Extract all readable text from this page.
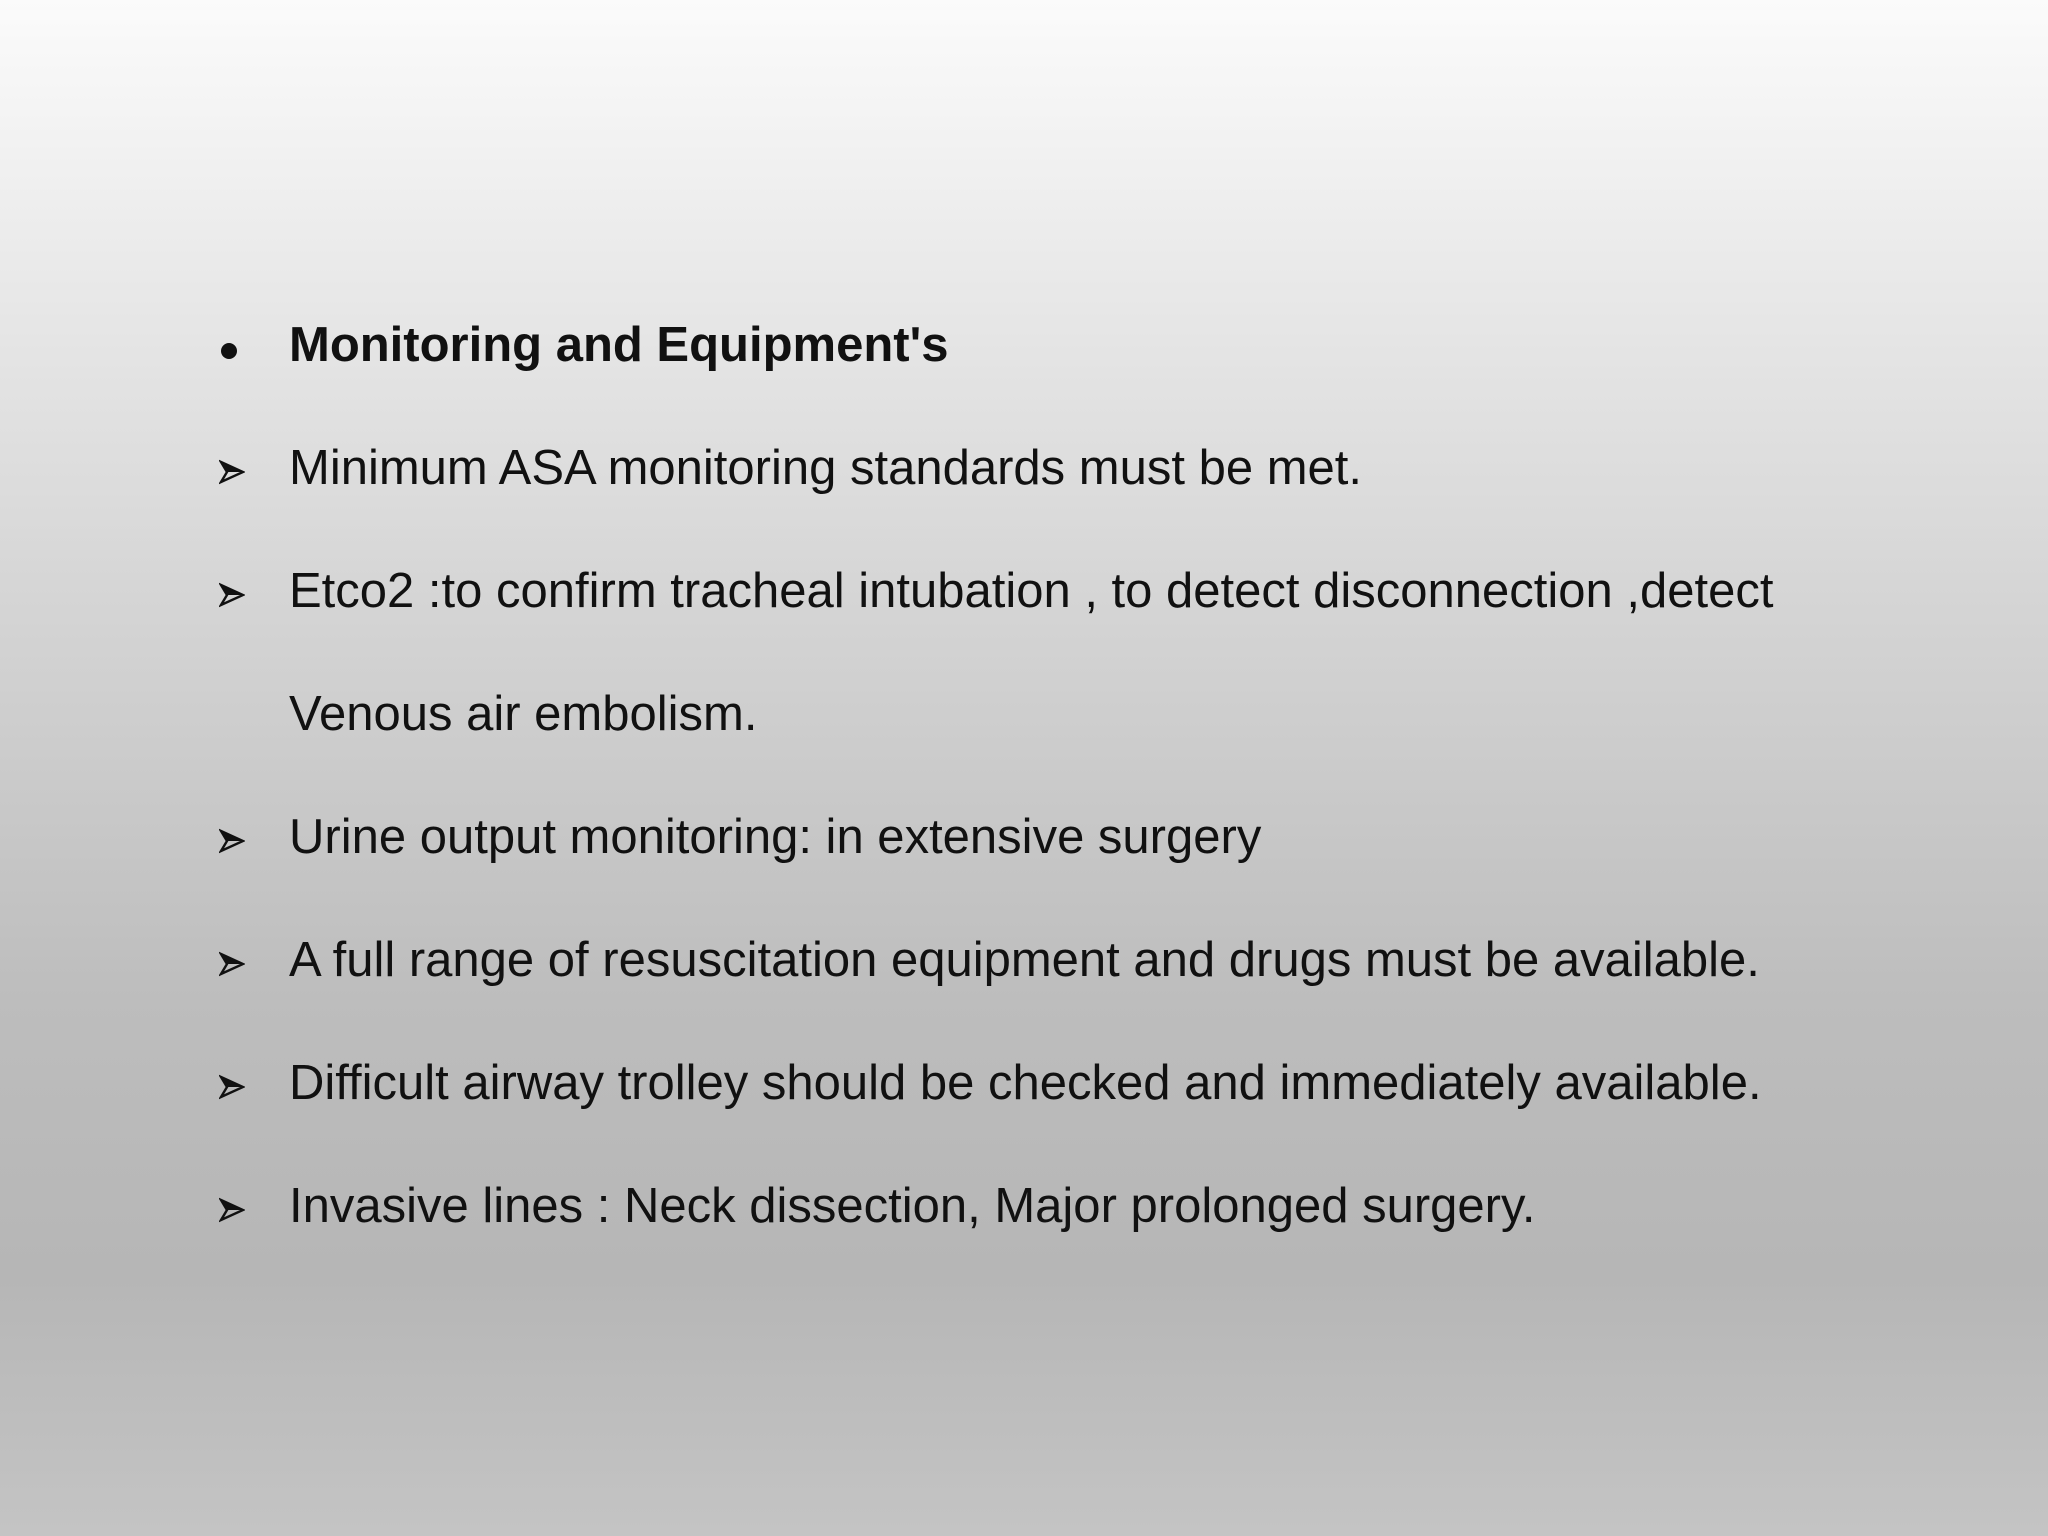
Monitoring and Equipment's
Minimum ASA monitoring standards must be met.
Etco2 :to confirm tracheal intubation , to detect disconnection ,detect
Venous air embolism.
Urine output monitoring: in extensive surgery
A full range of resuscitation equipment and drugs must be available.
Difficult airway trolley should be checked and immediately available.
Invasive lines : Neck dissection, Major prolonged surgery.
